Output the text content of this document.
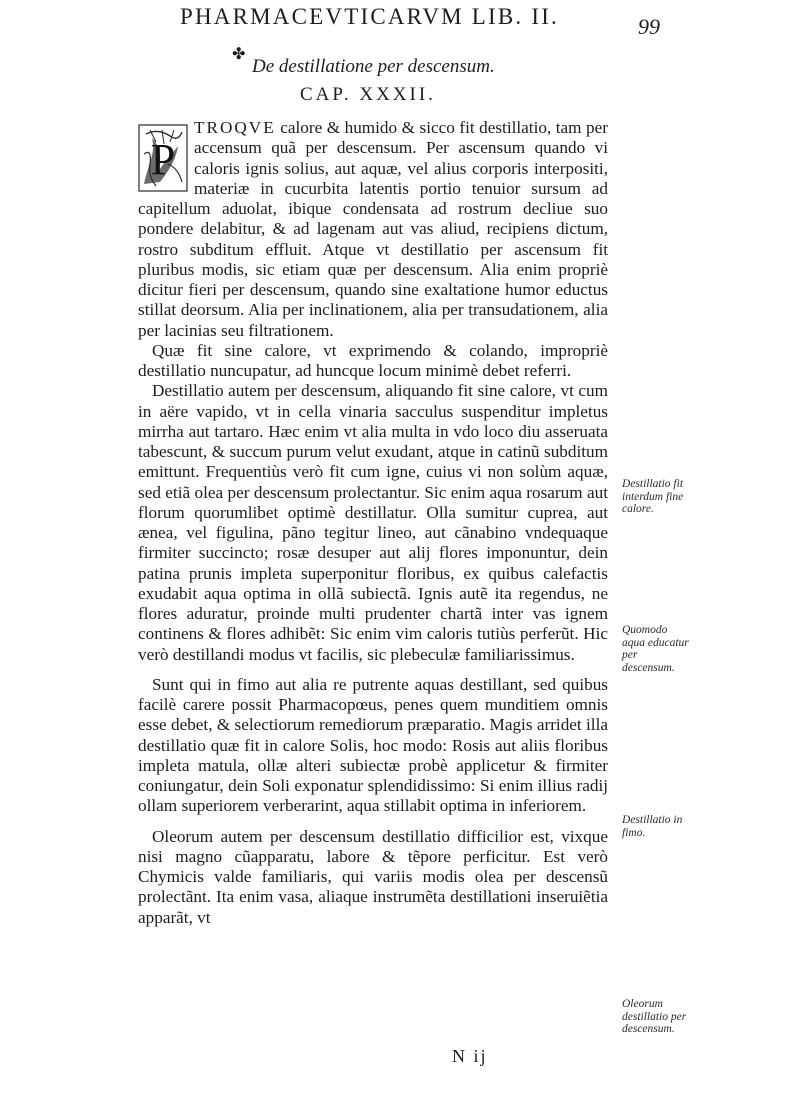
PHARMACEVTICARVM LIB. II.	99
✤
De destillatione per descensum.
CAP. XXXII.
P

TROQVE calore & humido & sicco fit destillatio, tam per accensum quã per descensum. Per ascensum quando vi caloris ignis solius, aut aquæ, vel alius corporis interpositi, materiæ in cucurbita latentis portio tenuior sursum ad capitellum aduolat, ibique condensata ad rostrum decliue suo pondere delabitur, & ad lagenam aut vas aliud, recipiens dictum, rostro subditum effluit. Atque vt destillatio per ascensum fit pluribus modis, sic etiam quæ per descensum. Alia enim propriè dicitur fieri per descensum, quando sine exaltatione humor eductus stillat deorsum. Alia per inclinationem, alia per transudationem, alia per lacinias seu filtrationem.

Quæ fit sine calore, vt exprimendo & colando, impropriè destillatio nuncupatur, ad huncque locum minimè debet referri.

Destillatio autem per descensum, aliquando fit sine calore, vt cum in aëre vapido, vt in cella vinaria sacculus suspenditur impletus mirrha aut tartaro. Hæc enim vt alia multa in vdo loco diu asseruata tabescunt, & succum purum velut exudant, atque in catinũ subditum emittunt. Frequentiùs verò fit cum igne, cuius vi non solùm aquæ, sed etiã olea per descensum prolectantur. Sic enim aqua rosarum aut florum quorumlibet optimè destillatur. Olla sumitur cuprea, aut ænea, vel figulina, pãno tegitur lineo, aut cãnabino vndequaque firmiter succincto; rosæ desuper aut alij flores imponuntur, dein patina prunis impleta superponitur floribus, ex quibus calefactis exudabit aqua optima in ollã subiectã. Ignis autẽ ita regendus, ne flores aduratur, proinde multi prudenter chartã inter vas ignem continens & flores adhibẽt: Sic enim vim caloris tutiùs perferũt. Hic verò destillandi modus vt facilis, sic plebeculæ familiarissimus.

Sunt qui in fimo aut alia re putrente aquas destillant, sed quibus facilè carere possit Pharmacopœus, penes quem munditiem omnis esse debet, & selectiorum remediorum præparatio. Magis arridet illa destillatio quæ fit in calore Solis, hoc modo: Rosis aut aliis floribus impleta matula, ollæ alteri subiectæ probè applicetur & firmiter coniungatur, dein Soli exponatur splendidissimo: Si enim illius radij ollam superiorem verberarint, aqua stillabit optima in inferiorem.

Oleorum autem per descensum destillatio difficilior est, vixque nisi magno cũapparatu, labore & tẽpore perficitur. Est verò Chymicis valde familiaris, qui variis modis olea per descensũ prolectãnt. Ita enim vasa, aliaque instrumẽta destillationi inseruiẽtia apparãt, vt

Destillatio fit interdum fine calore.
Quomodo aqua educatur per descensum.
Destillatio in fimo.
Oleorum destillatio per descensum.
N ij
